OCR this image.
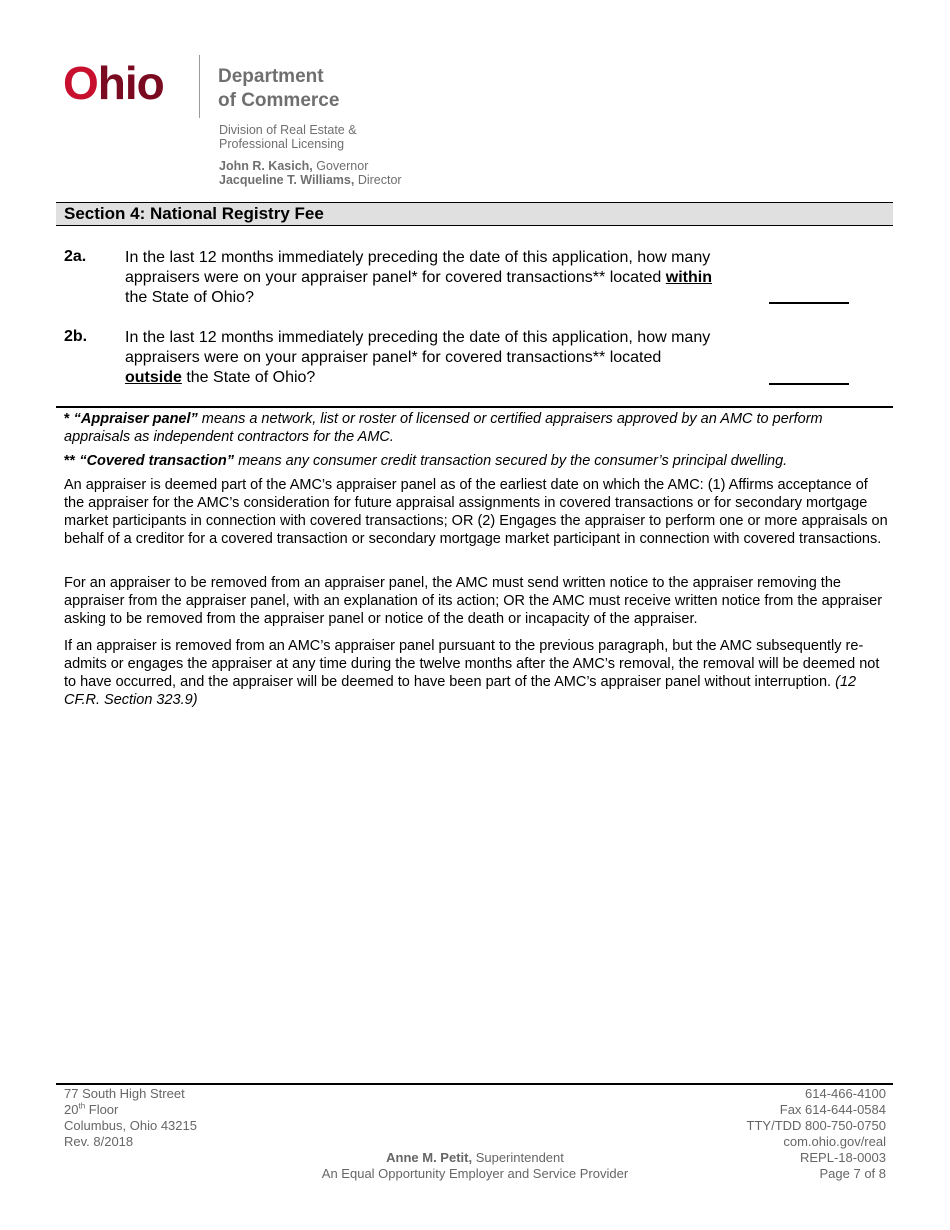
Ohio	Department
of Commerce
Division of Real Estate &
Professional Licensing
John R. Kasich, Governor
Jacqueline T. Williams, Director
Section 4: National Registry Fee
2a. In the last 12 months immediately preceding the date of this application, how many
appraisers were on your appraiser panel* for covered transactions** located within
the State of Ohio?
2b. In the last 12 months immediately preceding the date of this application, how many
appraisers were on your appraiser panel* for covered transactions** located
outside the State of Ohio?
* “Appraiser panel” means a network, list or roster of licensed or certified appraisers approved by an AMC to perform appraisals as independent contractors for the AMC.
** “Covered transaction” means any consumer credit transaction secured by the consumer’s principal dwelling.
An appraiser is deemed part of the AMC’s appraiser panel as of the earliest date on which the AMC: (1) Affirms acceptance of the appraiser for the AMC’s consideration for future appraisal assignments in covered transactions or for secondary mortgage market participants in connection with covered transactions; OR (2) Engages the appraiser to perform one or more appraisals on behalf of a creditor for a covered transaction or secondary mortgage market participant in connection with covered transactions.
For an appraiser to be removed from an appraiser panel, the AMC must send written notice to the appraiser removing the appraiser from the appraiser panel, with an explanation of its action; OR the AMC must receive written notice from the appraiser asking to be removed from the appraiser panel or notice of the death or incapacity of the appraiser.
If an appraiser is removed from an AMC’s appraiser panel pursuant to the previous paragraph, but the AMC subsequently re-admits or engages the appraiser at any time during the twelve months after the AMC’s removal, the removal will be deemed not to have occurred, and the appraiser will be deemed to have been part of the AMC’s appraiser panel without interruption. (12 CF.R. Section 323.9)
77 South High Street
20th Floor
Columbus, Ohio 43215
Rev. 8/2018
Anne M. Petit, Superintendent
An Equal Opportunity Employer and Service Provider
614-466-4100
Fax 614-644-0584
TTY/TDD 800-750-0750
com.ohio.gov/real
REPL-18-0003
Page 7 of 8
